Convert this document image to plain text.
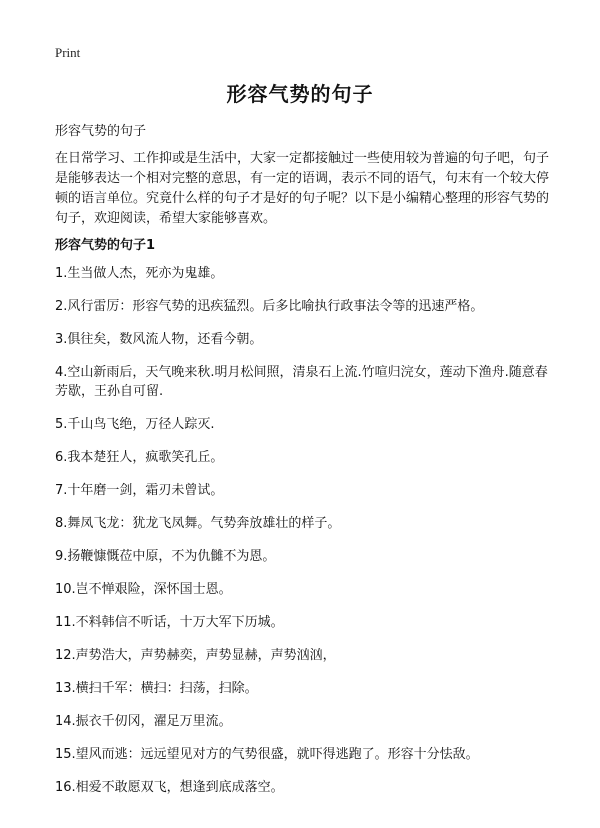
Print
形容气势的句子

形容气势的句子

在日常学习、工作抑或是生活中，大家一定都接触过一些使用较为普遍的句子吧，句子是能够表达一个相对完整的意思，有一定的语调，表示不同的语气，句末有一个较大停顿的语言单位。究竟什么样的句子才是好的句子呢？以下是小编精心整理的形容气势的句子，欢迎阅读，希望大家能够喜欢。

形容气势的句子1
1.生当做人杰，死亦为鬼雄。
2.风行雷厉：形容气势的迅疾猛烈。后多比喻执行政事法令等的迅速严格。
3.俱往矣，数风流人物，还看今朝。
4.空山新雨后，天气晚来秋.明月松间照，清泉石上流.竹喧归浣女，莲动下渔舟.随意春芳歇，王孙自可留.
5.千山鸟飞绝，万径人踪灭.
6.我本楚狂人，疯歌笑孔丘。
7.十年磨一剑，霜刃未曾试。
8.舞凤飞龙：犹龙飞凤舞。气势奔放雄壮的样子。
9.扬鞭慷慨莅中原，不为仇雠不为恩。
10.岂不惮艰险，深怀国士恩。
11.不料韩信不听话，十万大军下历城。
12.声势浩大，声势赫奕，声势显赫，声势汹汹，
13.横扫千军：横扫：扫荡，扫除。
14.振衣千仞冈，濯足万里流。
15.望风而逃：远远望见对方的气势很盛，就吓得逃跑了。形容十分怯敌。
16.相爱不敢愿双飞，想逢到底成落空。
